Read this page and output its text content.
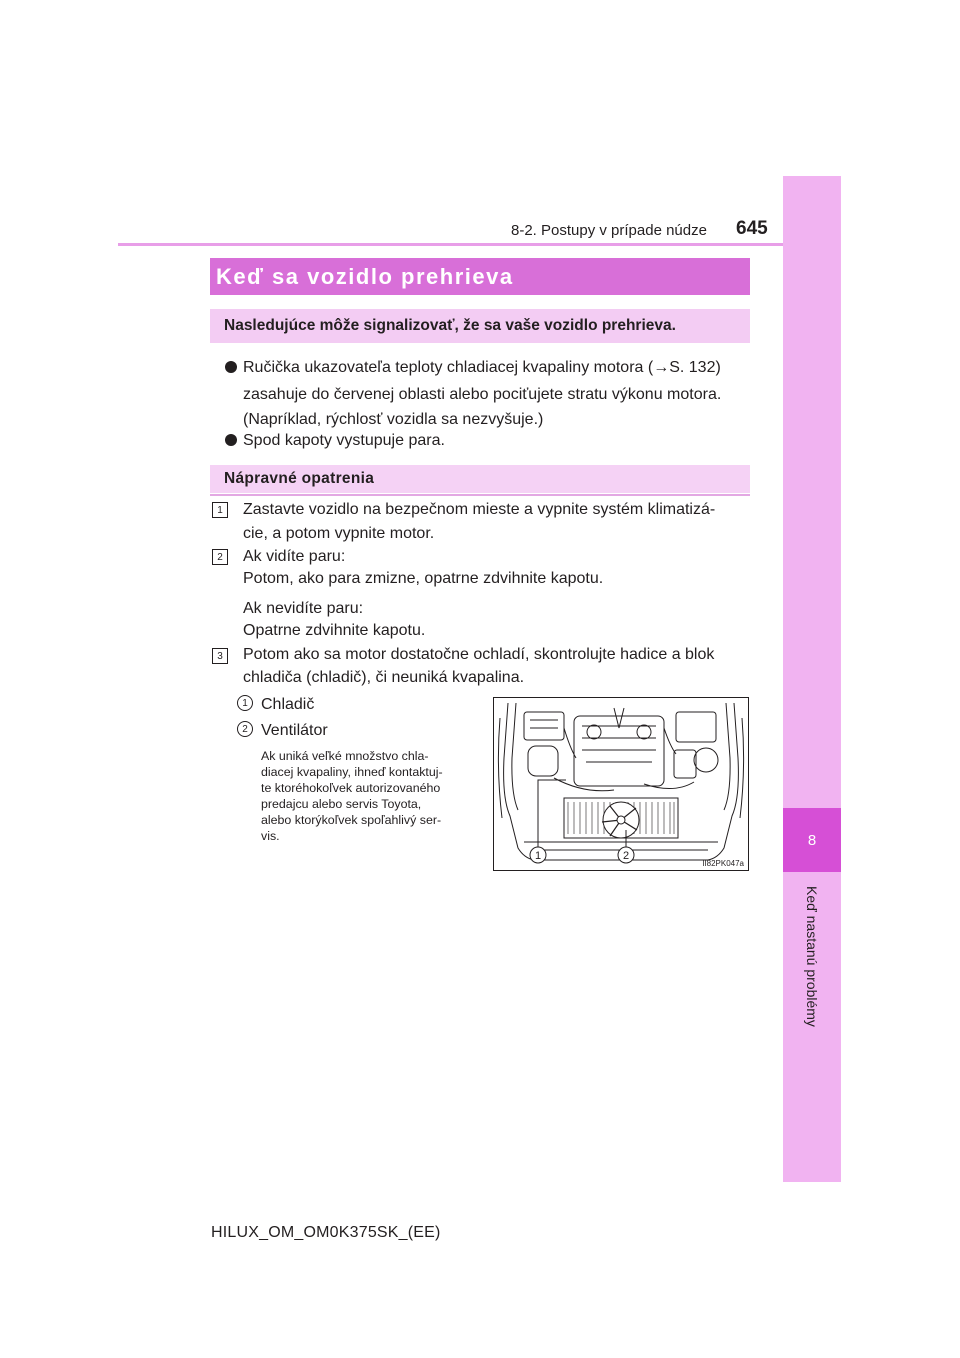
8
Keď nastanú problémy
8-2. Postupy v prípade núdze 645
Keď sa vozidlo prehrieva
Nasledujúce môže signalizovať, že sa vaše vozidlo prehrieva.
Ručička ukazovateľa teploty chladiacej kvapaliny motora (→S. 132)
zasahuje do červenej oblasti alebo pociťujete stratu výkonu motora.
(Napríklad, rýchlosť vozidla sa nezvyšuje.)
Spod kapoty vystupuje para.
Nápravné opatrenia
1	Zastavte vozidlo na bezpečnom mieste a vypnite systém klimatizá-
cie, a potom vypnite motor.
2	Ak vidíte paru:
Potom, ako para zmizne, opatrne zdvihnite kapotu.
Ak nevidíte paru:
Opatrne zdvihnite kapotu.
3	Potom ako sa motor dostatočne ochladí, skontrolujte hadice a blok
chladiča (chladič), či neuniká kvapalina.
1 Chladič
2 Ventilátor
Ak uniká veľké množstvo chla-
diacej kvapaliny, ihneď kontaktuj-
te ktoréhokoľvek autorizovaného
predajcu alebo servis Toyota,
alebo ktorýkoľvek spoľahlivý ser-
vis.
1	2
II82PK047a
HILUX_OM_OM0K375SK_(EE)
